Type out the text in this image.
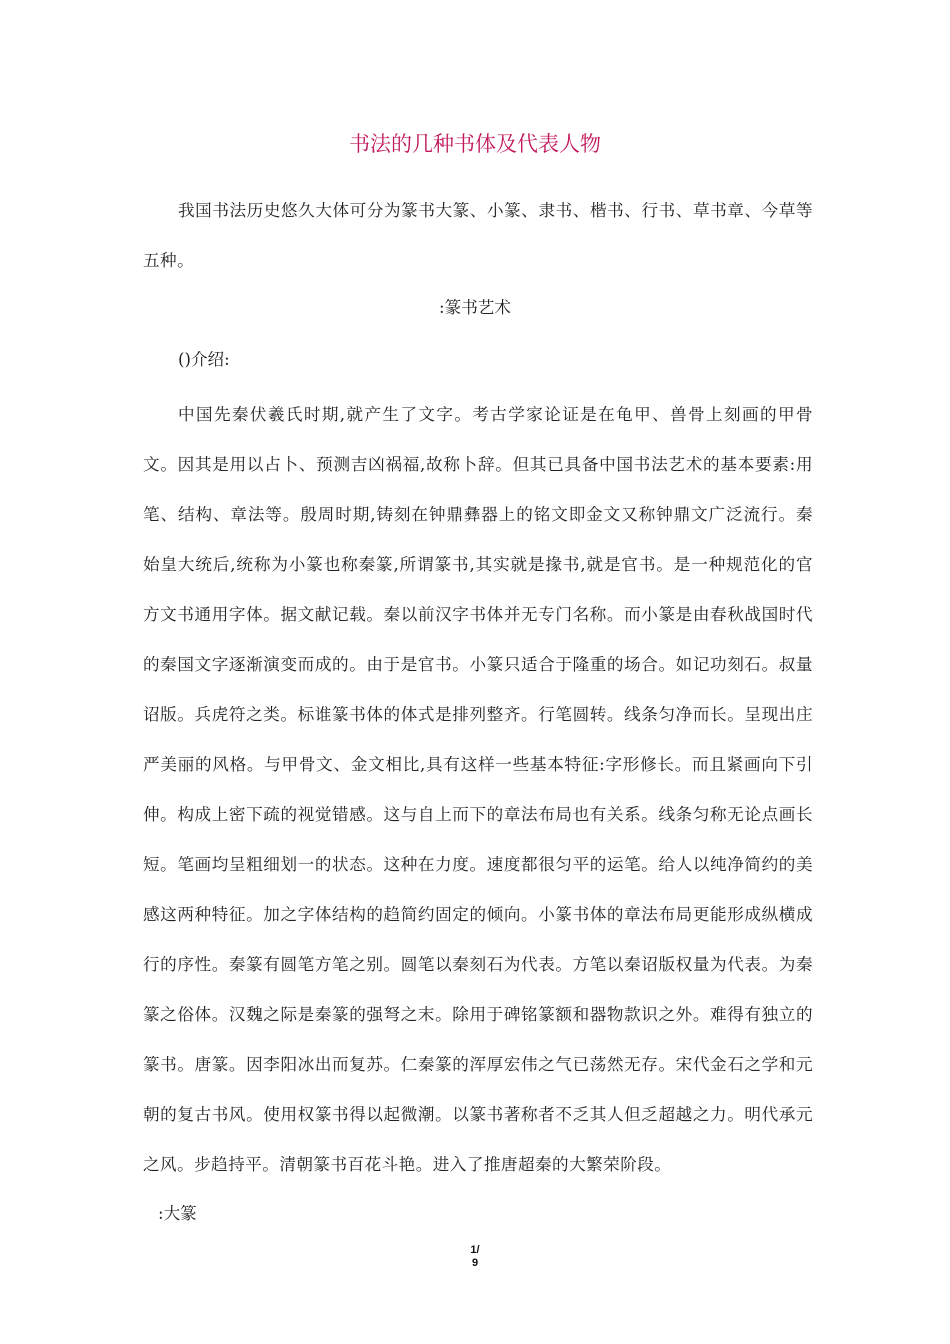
书法的几种书体及代表人物
我国书法历史悠久大体可分为篆书大篆、小篆、隶书、楷书、行书、草书章、今草等五种。
:篆书艺术
()介绍:
中国先秦伏羲氏时期,就产生了文字。考古学家论证是在龟甲、兽骨上刻画的甲骨文。因其是用以占卜、预测吉凶祸福,故称卜辞。但其已具备中国书法艺术的基本要素:用笔、结构、章法等。殷周时期,铸刻在钟鼎彝器上的铭文即金文又称钟鼎文广泛流行。秦始皇大统后,统称为小篆也称秦篆,所谓篆书,其实就是掾书,就是官书。是一种规范化的官方文书通用字体。据文献记载。秦以前汉字书体并无专门名称。而小篆是由春秋战国时代的秦国文字逐渐演变而成的。由于是官书。小篆只适合于隆重的场合。如记功刻石。叔量诏版。兵虎符之类。标谁篆书体的体式是排列整齐。行笔圆转。线条匀净而长。呈现出庄严美丽的风格。与甲骨文、金文相比,具有这样一些基本特征:字形修长。而且紧画向下引伸。构成上密下疏的视觉错感。这与自上而下的章法布局也有关系。线条匀称无论点画长短。笔画均呈粗细划一的状态。这种在力度。速度都很匀平的运笔。给人以纯净简约的美感这两种特征。加之字体结构的趋简约固定的倾向。小篆书体的章法布局更能形成纵横成行的序性。秦篆有圆笔方笔之别。圆笔以秦刻石为代表。方笔以秦诏版权量为代表。为秦篆之俗体。汉魏之际是秦篆的强弩之末。除用于碑铭篆额和器物款识之外。难得有独立的篆书。唐篆。因李阳冰出而复苏。仁秦篆的浑厚宏伟之气已荡然无存。宋代金石之学和元朝的复古书风。使用权篆书得以起微潮。以篆书著称者不乏其人但乏超越之力。明代承元之风。步趋持平。清朝篆书百花斗艳。进入了推唐超秦的大繁荣阶段。
:大篆
1/
9
